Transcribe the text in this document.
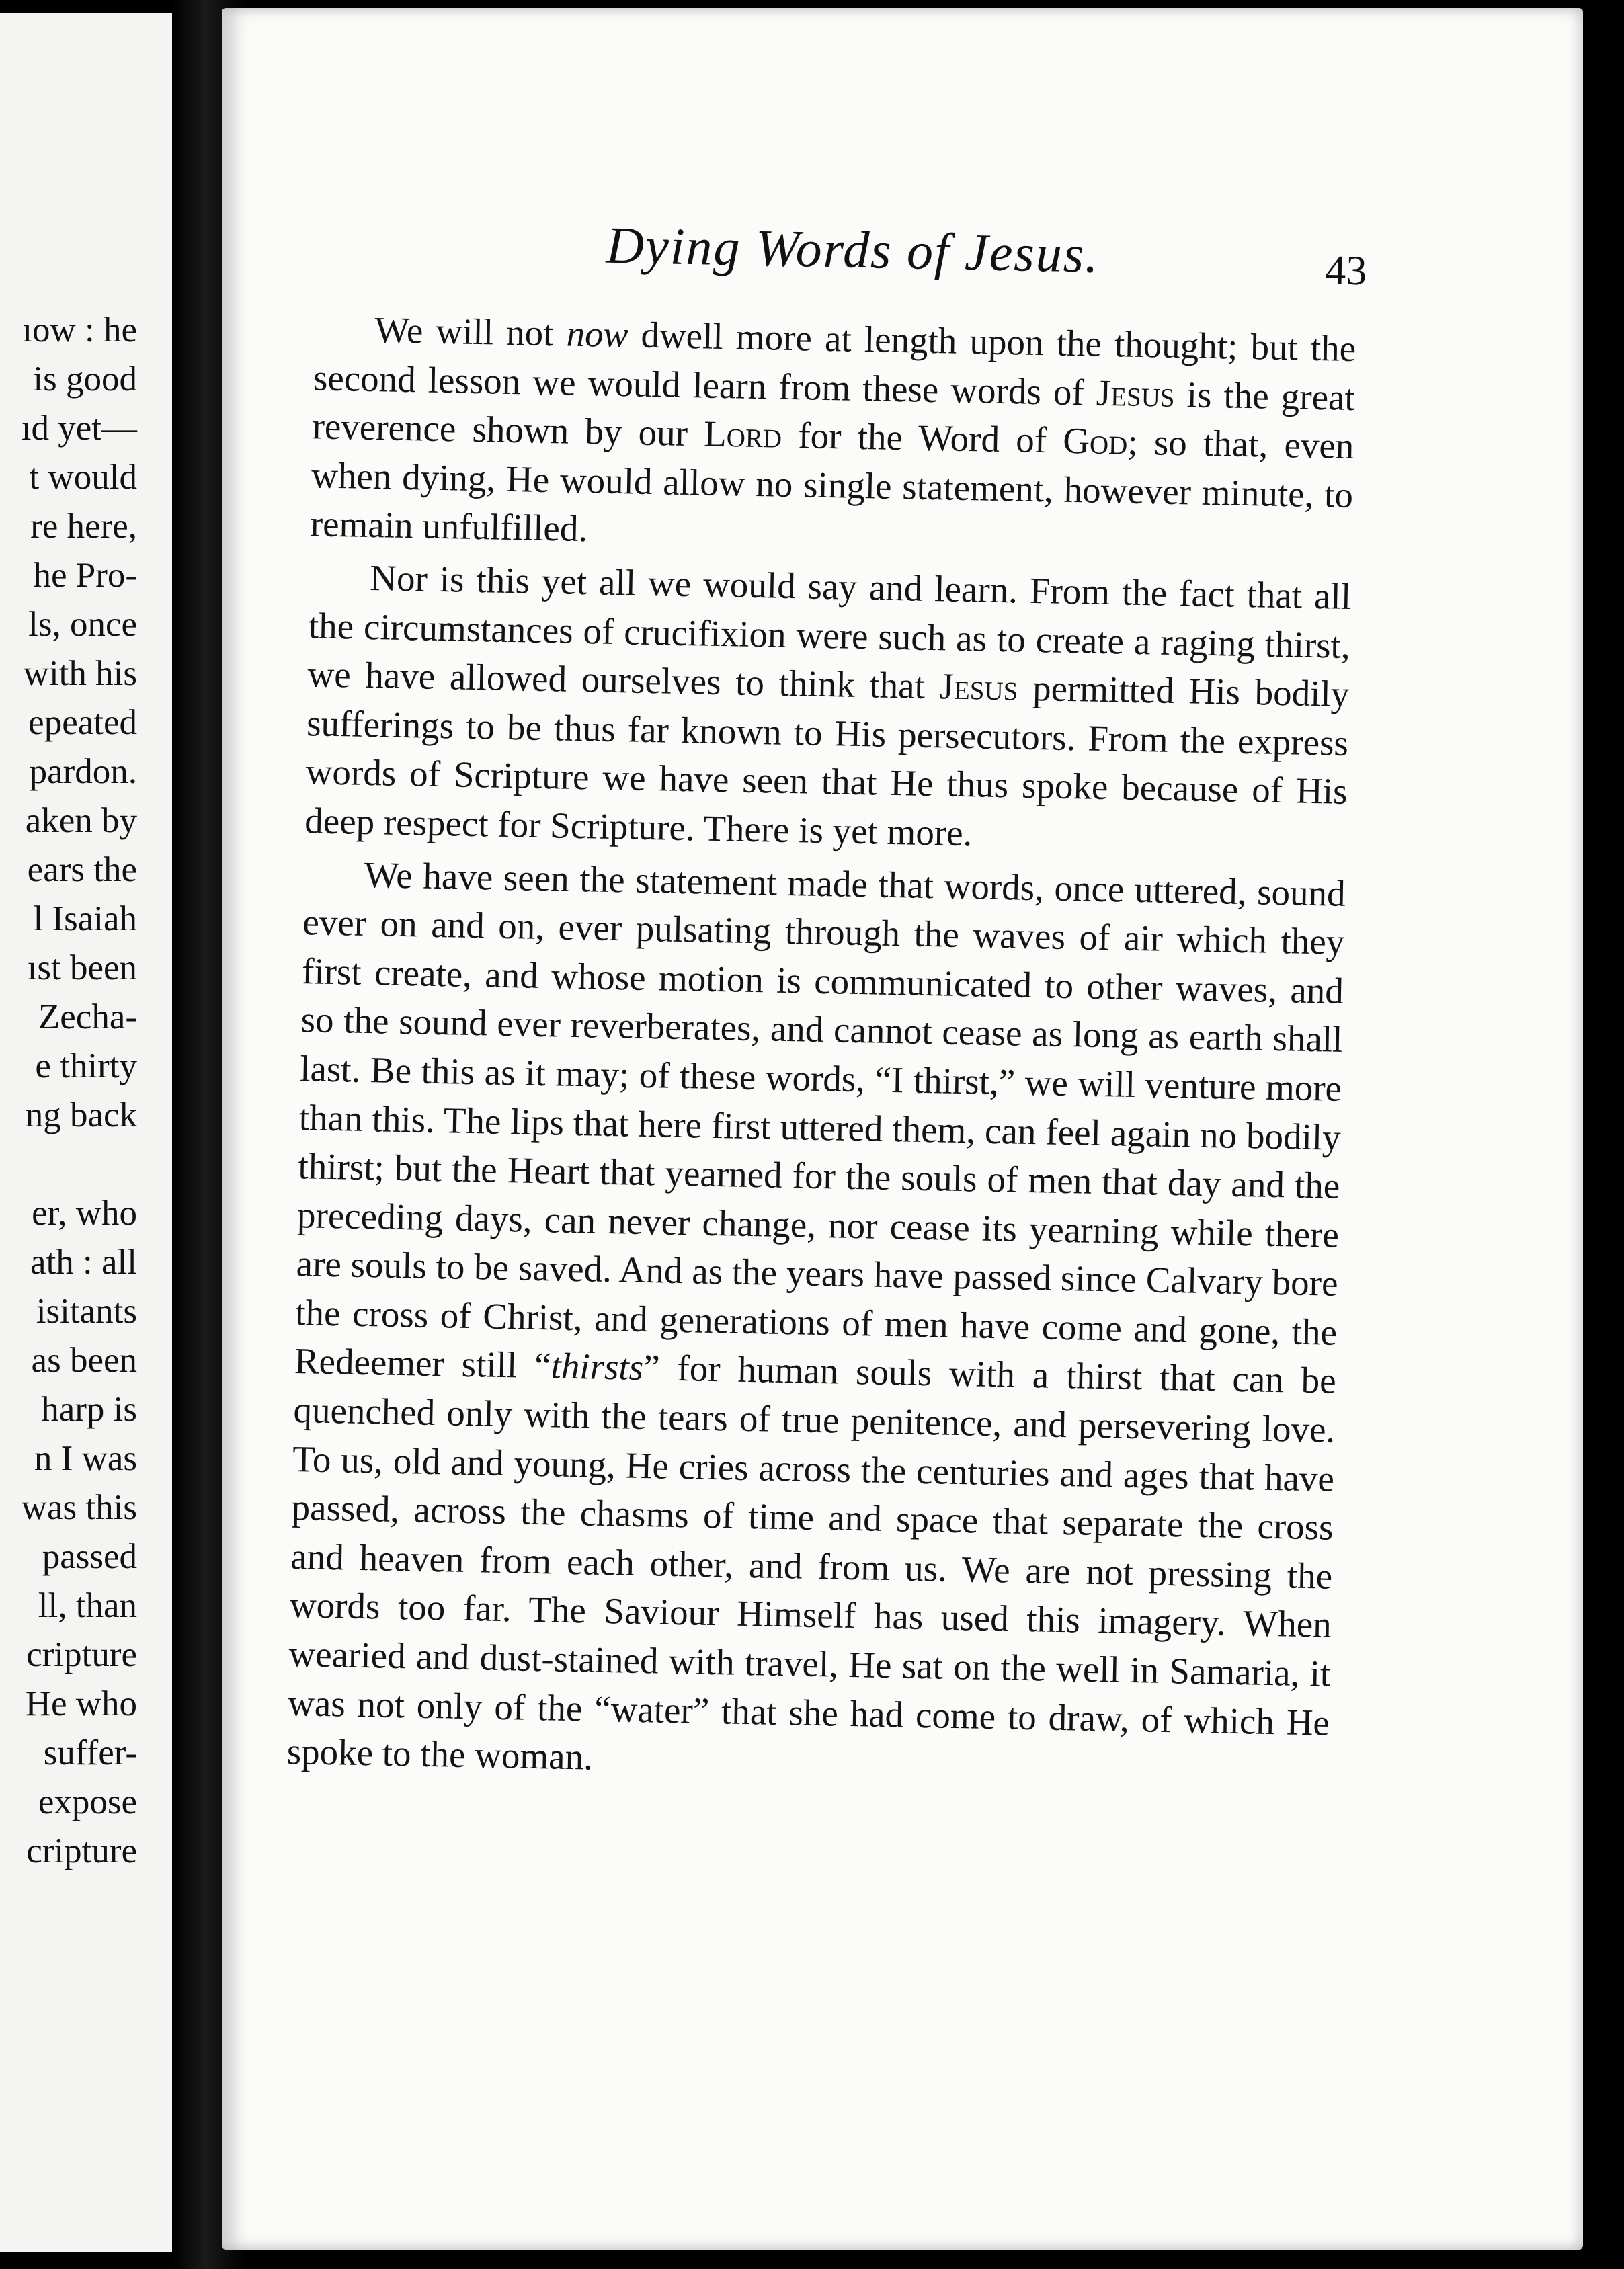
ıow : he
is good
ıd yet—
t would
re here,
he Pro-
ls, once
with his
epeated
pardon.
aken by
ears the
l Isaiah
ıst been
Zecha-
e thirty
ng back
er, who
ath : all
isitants
as been
harp is
n I was
was this
passed
ll, than
cripture
He who
suffer-
expose
cripture
Dying Words of Jesus.	43

We will not now dwell more at length upon the thought; but the second lesson we would learn from these words of Jesus is the great reverence shown by our Lord for the Word of God; so that, even when dying, He would allow no single statement, however minute, to remain unfulfilled.

Nor is this yet all we would say and learn. From the fact that all the circumstances of crucifixion were such as to create a raging thirst, we have allowed ourselves to think that Jesus permitted His bodily sufferings to be thus far known to His persecutors. From the express words of Scripture we have seen that He thus spoke because of His deep respect for Scripture. There is yet more.

We have seen the statement made that words, once uttered, sound ever on and on, ever pulsating through the waves of air which they first create, and whose motion is communicated to other waves, and so the sound ever reverberates, and cannot cease as long as earth shall last. Be this as it may; of these words, “I thirst,” we will venture more than this. The lips that here first uttered them, can feel again no bodily thirst; but the Heart that yearned for the souls of men that day and the preceding days, can never change, nor cease its yearning while there are souls to be saved. And as the years have passed since Calvary bore the cross of Christ, and generations of men have come and gone, the Redeemer still “thirsts” for human souls with a thirst that can be quenched only with the tears of true penitence, and persevering love. To us, old and young, He cries across the centuries and ages that have passed, across the chasms of time and space that separate the cross and heaven from each other, and from us. We are not pressing the words too far. The Saviour Himself has used this imagery. When wearied and dust-stained with travel, He sat on the well in Samaria, it was not only of the “water” that she had come to draw, of which He spoke to the woman.
